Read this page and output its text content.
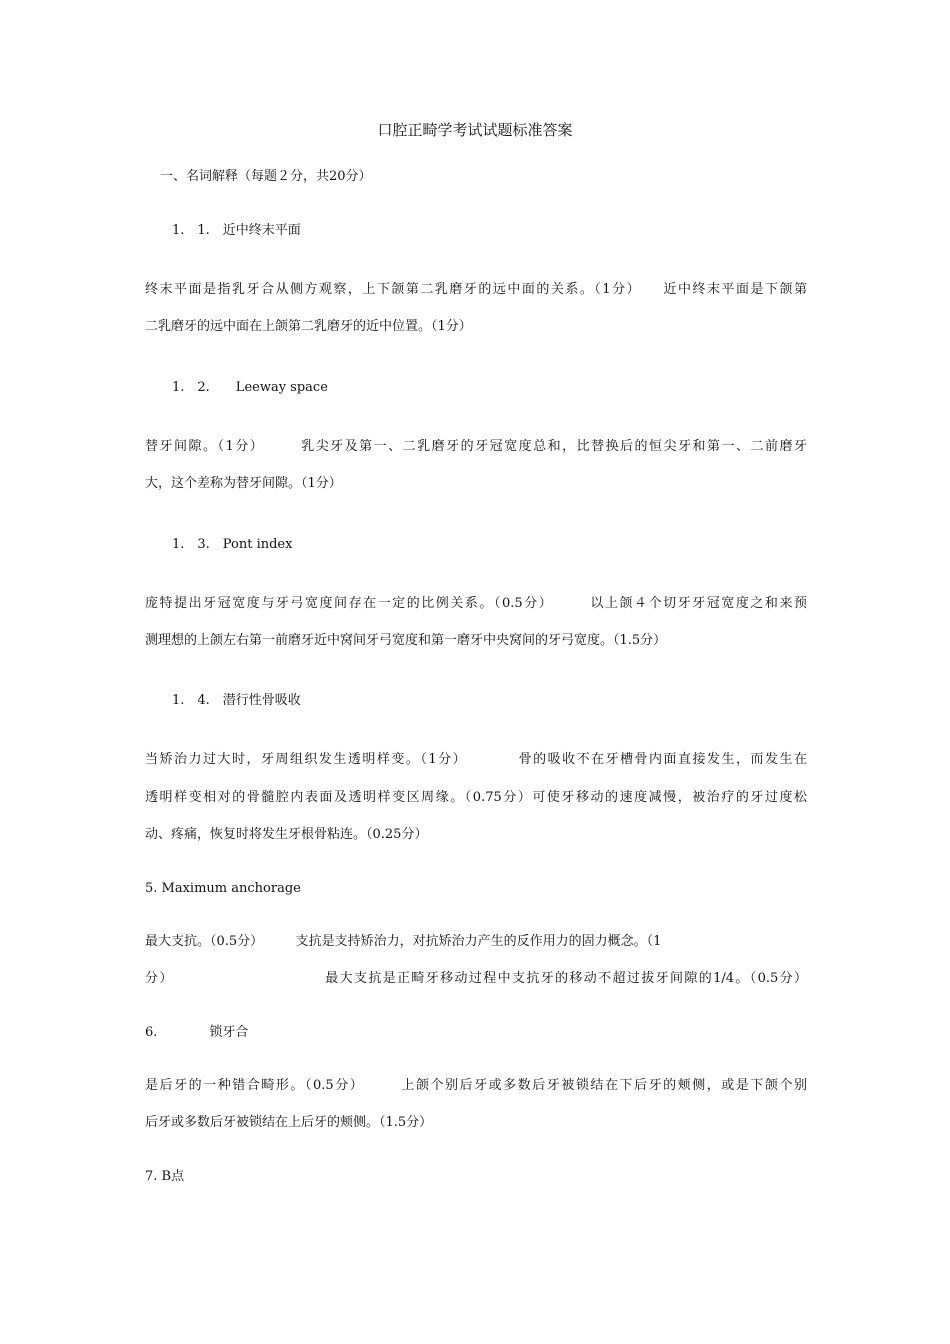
口腔正畸学考试试题标准答案
一、名词解释（每题２分，共20分）
1.　1.　近中终末平面
终末平面是指乳牙合从侧方观察，上下颌第二乳磨牙的远中面的关系。（1分）　　近中终末平面是下颌第
二乳磨牙的远中面在上颌第二乳磨牙的近中位置。（1分）
1.　2.　　Leeway space
替牙间隙。（1分）　　　乳尖牙及第一、二乳磨牙的牙冠宽度总和，比替换后的恒尖牙和第一、二前磨牙
大，这个差称为替牙间隙。（1分）
1.　3.　Pont index
庞特提出牙冠宽度与牙弓宽度间存在一定的比例关系。（0.5分）　　　以上颌４个切牙牙冠宽度之和来预
测理想的上颌左右第一前磨牙近中窝间牙弓宽度和第一磨牙中央窝间的牙弓宽度。（1.5分）
1.　4.　潜行性骨吸收
当矫治力过大时，牙周组织发生透明样变。（1分）　　　　骨的吸收不在牙槽骨内面直接发生，而发生在
透明样变相对的骨髓腔内表面及透明样变区周缘。（0.75分）可使牙移动的速度减慢，被治疗的牙过度松
动、疼痛，恢复时将发生牙根骨粘连。（0.25分）
5. Maximum anchorage
最大支抗。（0.5分）　　　支抗是支持矫治力，对抗矫治力产生的反作用力的固力概念。（1
分）　　　　　　　　　　　最大支抗是正畸牙移动过程中支抗牙的移动不超过拔牙间隙的1/4。（0.5分）
6.　　　　锁牙合
是后牙的一种错合畸形。（0.5分）　　　上颌个别后牙或多数后牙被锁结在下后牙的颊侧，或是下颌个别
后牙或多数后牙被锁结在上后牙的颊侧。（1.5分）
7. B点
